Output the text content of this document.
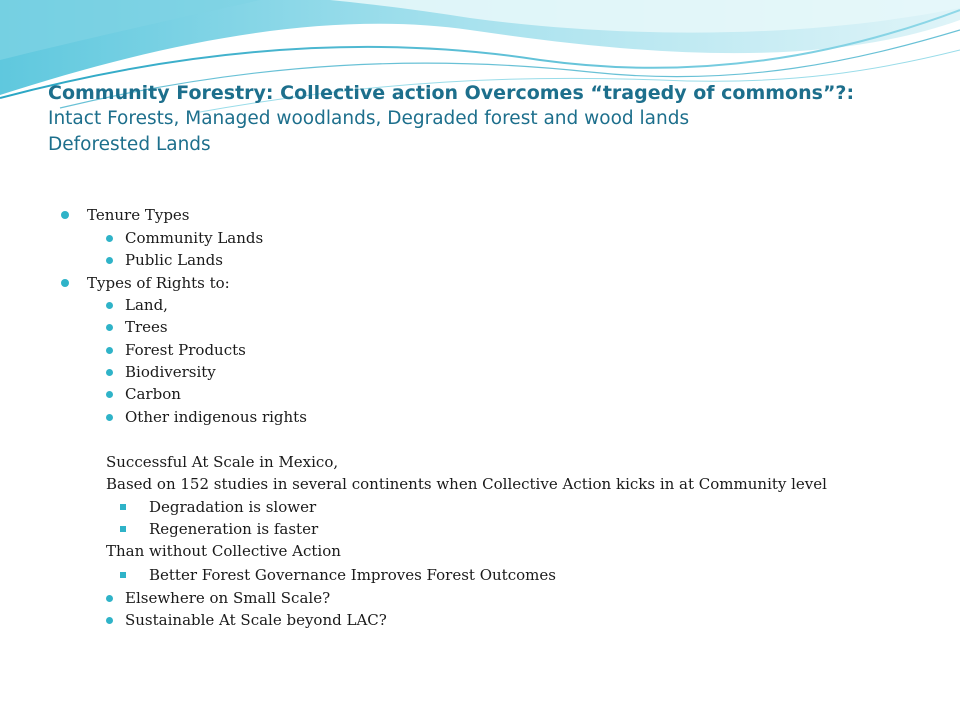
Community Forestry: Collective action Overcomes “tragedy of commons”?:

Intact Forests, Managed woodlands, Degraded forest and wood lands

Deforested Lands

Tenure Types
Community Lands
Public Lands
Types of Rights to:
Land,
Trees
Forest Products
Biodiversity
Carbon
Other indigenous rights
Successful At Scale in Mexico,
Based on 152 studies in several continents when Collective Action kicks in at Community level
Degradation is slower
Regeneration is faster
Than without Collective Action
Better Forest Governance Improves Forest Outcomes
Elsewhere on Small Scale?
Sustainable At Scale beyond LAC?
